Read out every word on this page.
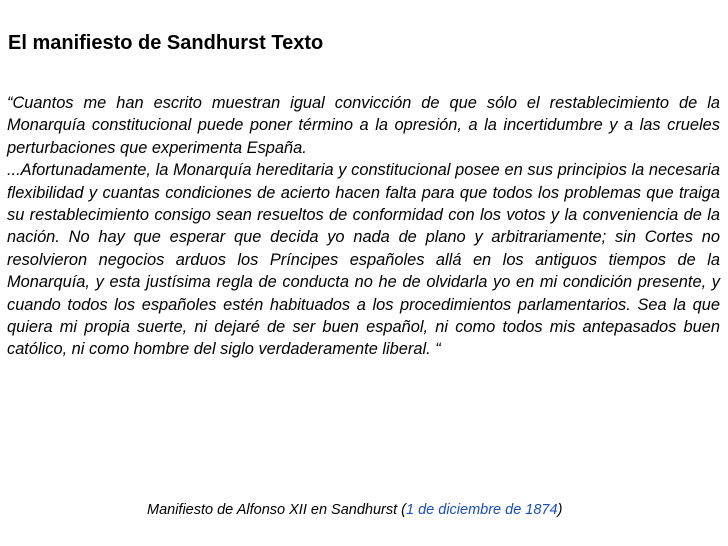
El manifiesto de Sandhurst Texto

“Cuantos me han escrito muestran igual convicción de que sólo el restablecimiento de la Monarquía constitucional puede poner término a la opresión, a la incertidumbre y a las crueles perturbaciones que experimenta España.

...Afortunadamente, la Monarquía hereditaria y constitucional posee en sus principios la necesaria flexibilidad y cuantas condiciones de acierto hacen falta para que todos los problemas que traiga su restablecimiento consigo sean resueltos de conformidad con los votos y la conveniencia de la nación. No hay que esperar que decida yo nada de plano y arbitrariamente; sin Cortes no resolvieron negocios arduos los Príncipes españoles allá en los antiguos tiempos de la Monarquía, y esta justísima regla de conducta no he de olvidarla yo en mi condición presente, y cuando todos los españoles estén habituados a los procedimientos parlamentarios. Sea la que quiera mi propia suerte, ni dejaré de ser buen español, ni como todos mis antepasados buen católico, ni como hombre del siglo verdaderamente liberal. “

Manifiesto de Alfonso XII en Sandhurst (1 de diciembre de 1874)
